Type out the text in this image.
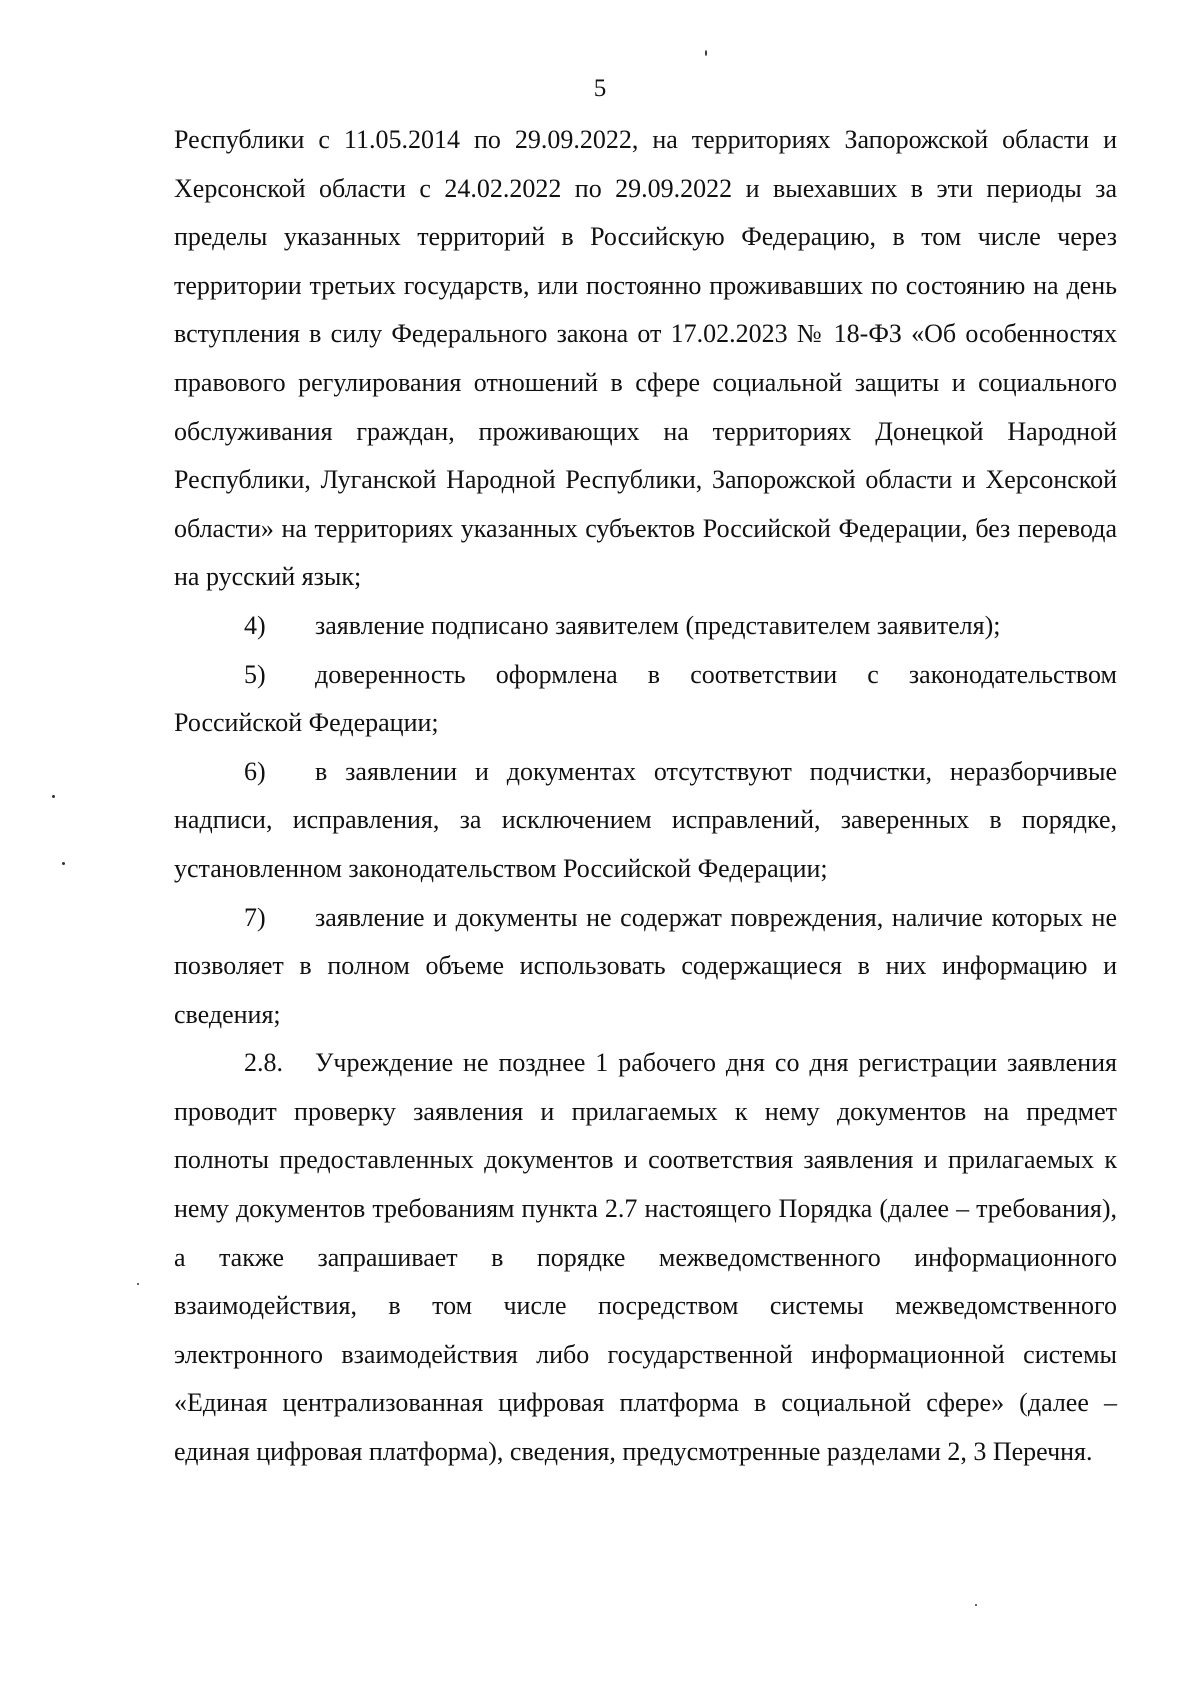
5

Республики с 11.05.2014 по 29.09.2022, на территориях Запорожской области и Херсонской области с 24.02.2022 по 29.09.2022 и выехавших в эти периоды за пределы указанных территорий в Российскую Федерацию, в том числе через территории третьих государств, или постоянно проживавших по состоянию на день вступления в силу Федерального закона от 17.02.2023 № 18-ФЗ «Об особенностях правового регулирования отношений в сфере социальной защиты и социального обслуживания граждан, проживающих на территориях Донецкой Народной Республики, Луганской Народной Республики, Запорожской области и Херсонской области» на территориях указанных субъектов Российской Федерации, без перевода на русский язык;

4) заявление подписано заявителем (представителем заявителя);

5) доверенность оформлена в соответствии с законодательством Российской Федерации;

6) в заявлении и документах отсутствуют подчистки, неразборчивые надписи, исправления, за исключением исправлений, заверенных в порядке, установленном законодательством Российской Федерации;

7) заявление и документы не содержат повреждения, наличие которых не позволяет в полном объеме использовать содержащиеся в них информацию и сведения;

2.8. Учреждение не позднее 1 рабочего дня со дня регистрации заявления проводит проверку заявления и прилагаемых к нему документов на предмет полноты предоставленных документов и соответствия заявления и прилагаемых к нему документов требованиям пункта 2.7 настоящего Порядка (далее – требования), а также запрашивает в порядке межведомственного информационного взаимодействия, в том числе посредством системы межведомственного электронного взаимодействия либо государственной информационной системы «Единая централизованная цифровая платформа в социальной сфере» (далее – единая цифровая платформа), сведения, предусмотренные разделами 2, 3 Перечня.
